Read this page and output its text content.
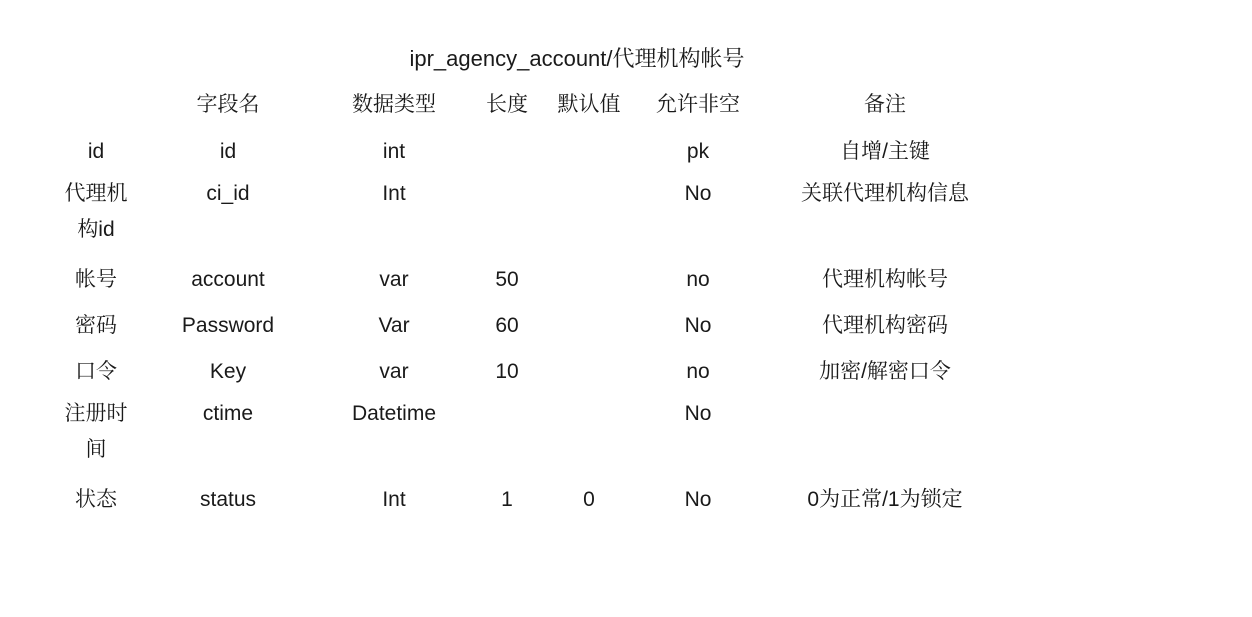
ipr_agency_account/代理机构帐号
	字段名	数据类型	长度	默认值	允许非空	备注
id	id	int			pk	自增/主键
代理机构id	ci_id	Int			No	关联代理机构信息
帐号	account	var	50		no	代理机构帐号
密码	Password	Var	60		No	代理机构密码
口令	Key	var	10		no	加密/解密口令
注册时间	ctime	Datetime			No	
状态	status	Int	1	0	No	0为正常/1为锁定
